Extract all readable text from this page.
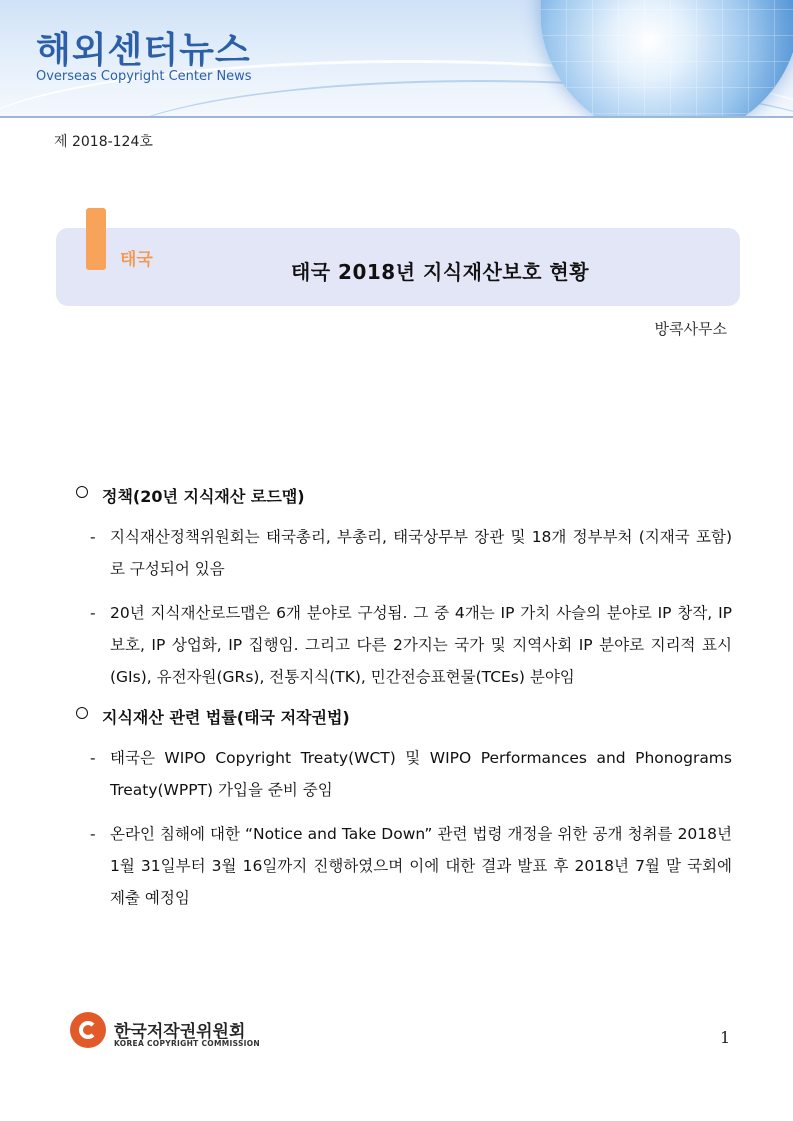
해외센터뉴스
Overseas Copyright Center News
제 2018-124호
태국	태국 2018년 지식재산보호 현황
방콕사무소
정책(20년 지식재산 로드맵)
- 지식재산정책위원회는 태국총리, 부총리, 태국상무부 장관 및 18개 정부부처 (지재국 포함)로 구성되어 있음
- 20년 지식재산로드맵은 6개 분야로 구성됨. 그 중 4개는 IP 가치 사슬의 분야로 IP 창작, IP 보호, IP 상업화, IP 집행임. 그리고 다른 2가지는 국가 및 지역사회 IP 분야로 지리적 표시(GIs), 유전자원(GRs), 전통지식(TK), 민간전승표현물(TCEs) 분야임
지식재산 관련 법률(태국 저작권법)
- 태국은 WIPO Copyright Treaty(WCT) 및 WIPO Performances and Phonograms Treaty(WPPT) 가입을 준비 중임
- 온라인 침해에 대한 “Notice and Take Down” 관련 법령 개정을 위한 공개 청취를 2018년 1월 31일부터 3월 16일까지 진행하였으며 이에 대한 결과 발표 후 2018년 7월 말 국회에 제출 예정임
한국저작권위원회
KOREA COPYRIGHT COMMISSION	1
